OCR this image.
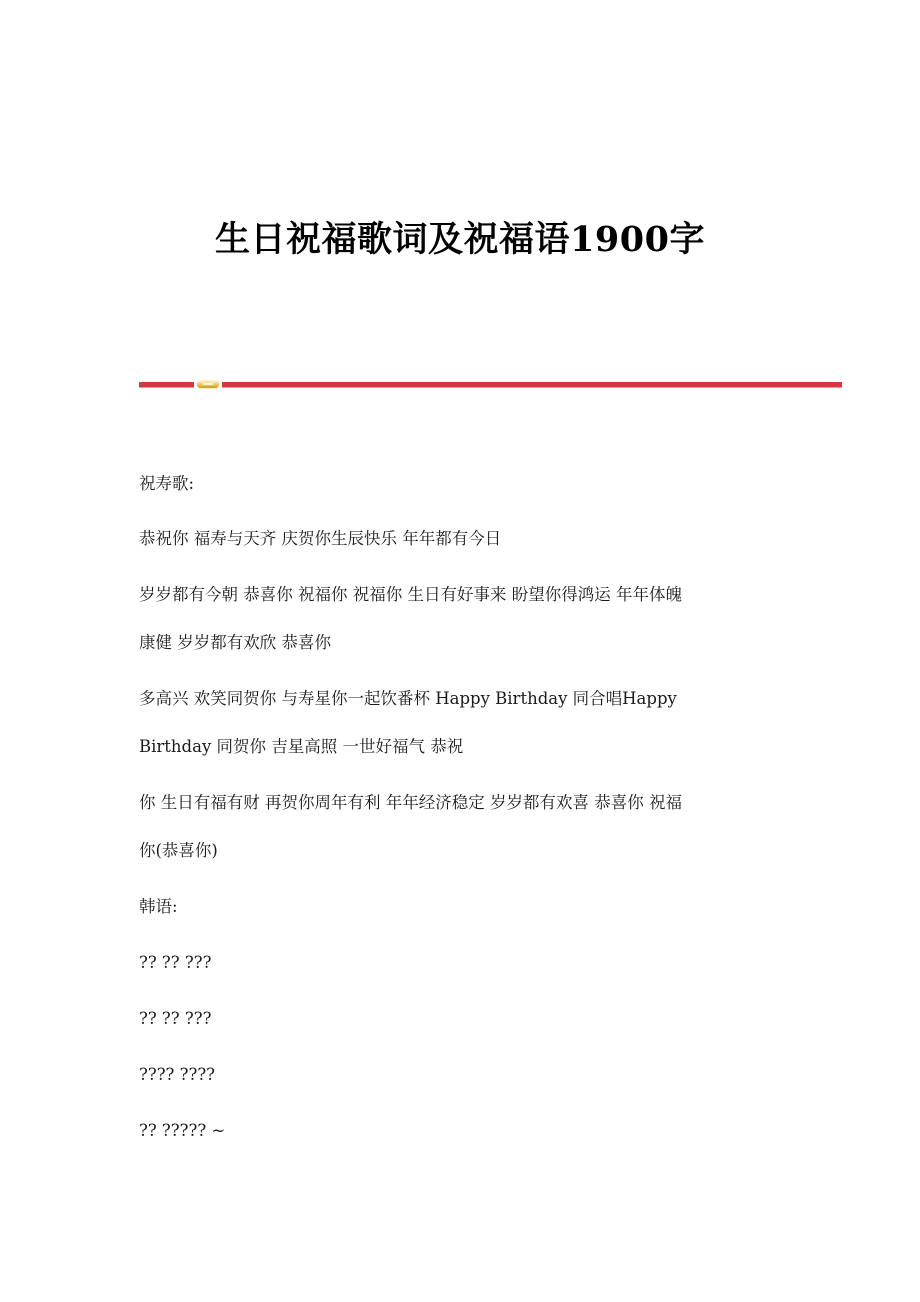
生日祝福歌词及祝福语1900字
祝寿歌:
恭祝你 福寿与天齐 庆贺你生辰快乐 年年都有今日
岁岁都有今朝 恭喜你 祝福你 祝福你 生日有好事来 盼望你得鸿运 年年体魄
康健 岁岁都有欢欣 恭喜你
多高兴 欢笑同贺你 与寿星你一起饮番杯 Happy Birthday 同合唱Happy
Birthday 同贺你 吉星高照 一世好福气 恭祝
你 生日有福有财 再贺你周年有利 年年经济稳定 岁岁都有欢喜 恭喜你 祝福
你(恭喜你)
韩语:
?? ?? ???
?? ?? ???
???? ????
?? ????? ~
